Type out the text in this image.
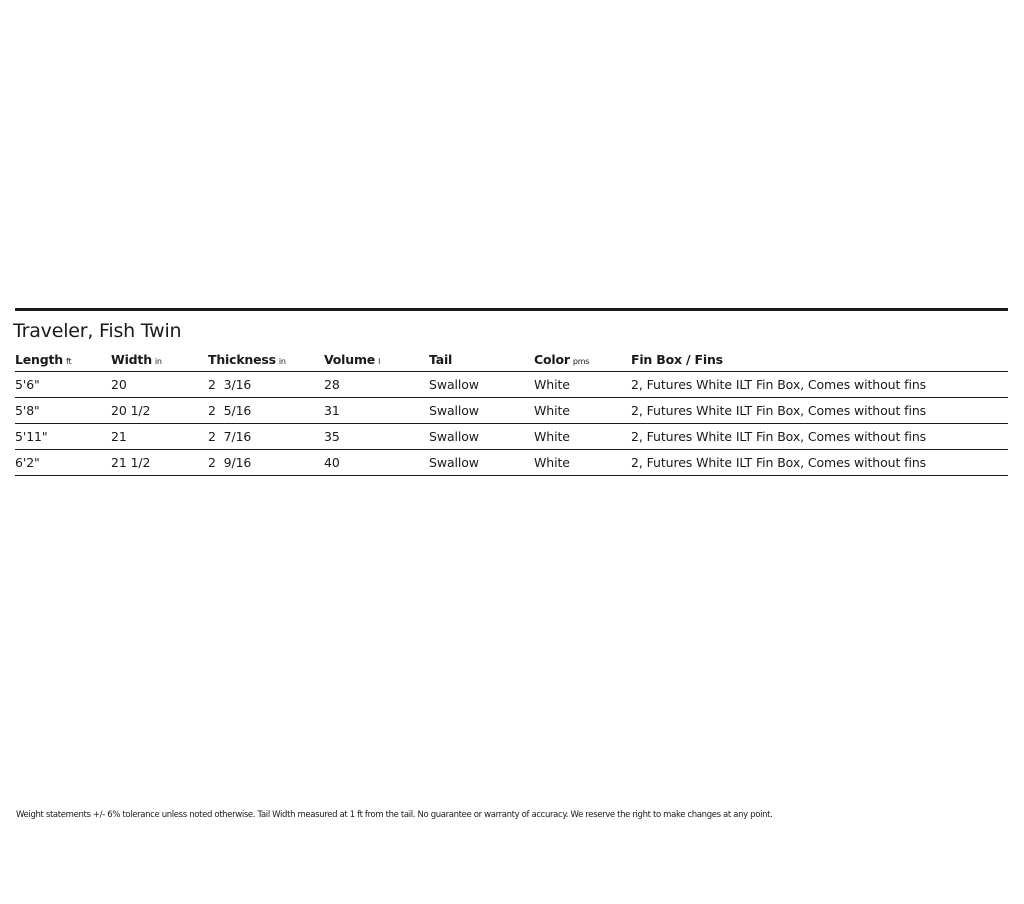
Traveler, Fish Twin
Length ft	Width in	Thickness in	Volume l	Tail	Color pms	Fin Box / Fins
5'6"	20	2  3/16	28	Swallow	White	2, Futures White ILT Fin Box, Comes without fins
5'8"	20 1/2	2  5/16	31	Swallow	White	2, Futures White ILT Fin Box, Comes without fins
5'11"	21	2  7/16	35	Swallow	White	2, Futures White ILT Fin Box, Comes without fins
6'2"	21 1/2	2  9/16	40	Swallow	White	2, Futures White ILT Fin Box, Comes without fins
Weight statements +/- 6% tolerance unless noted otherwise. Tail Width measured at 1 ft from the tail. No guarantee or warranty of accuracy. We reserve the right to make changes at any point.
